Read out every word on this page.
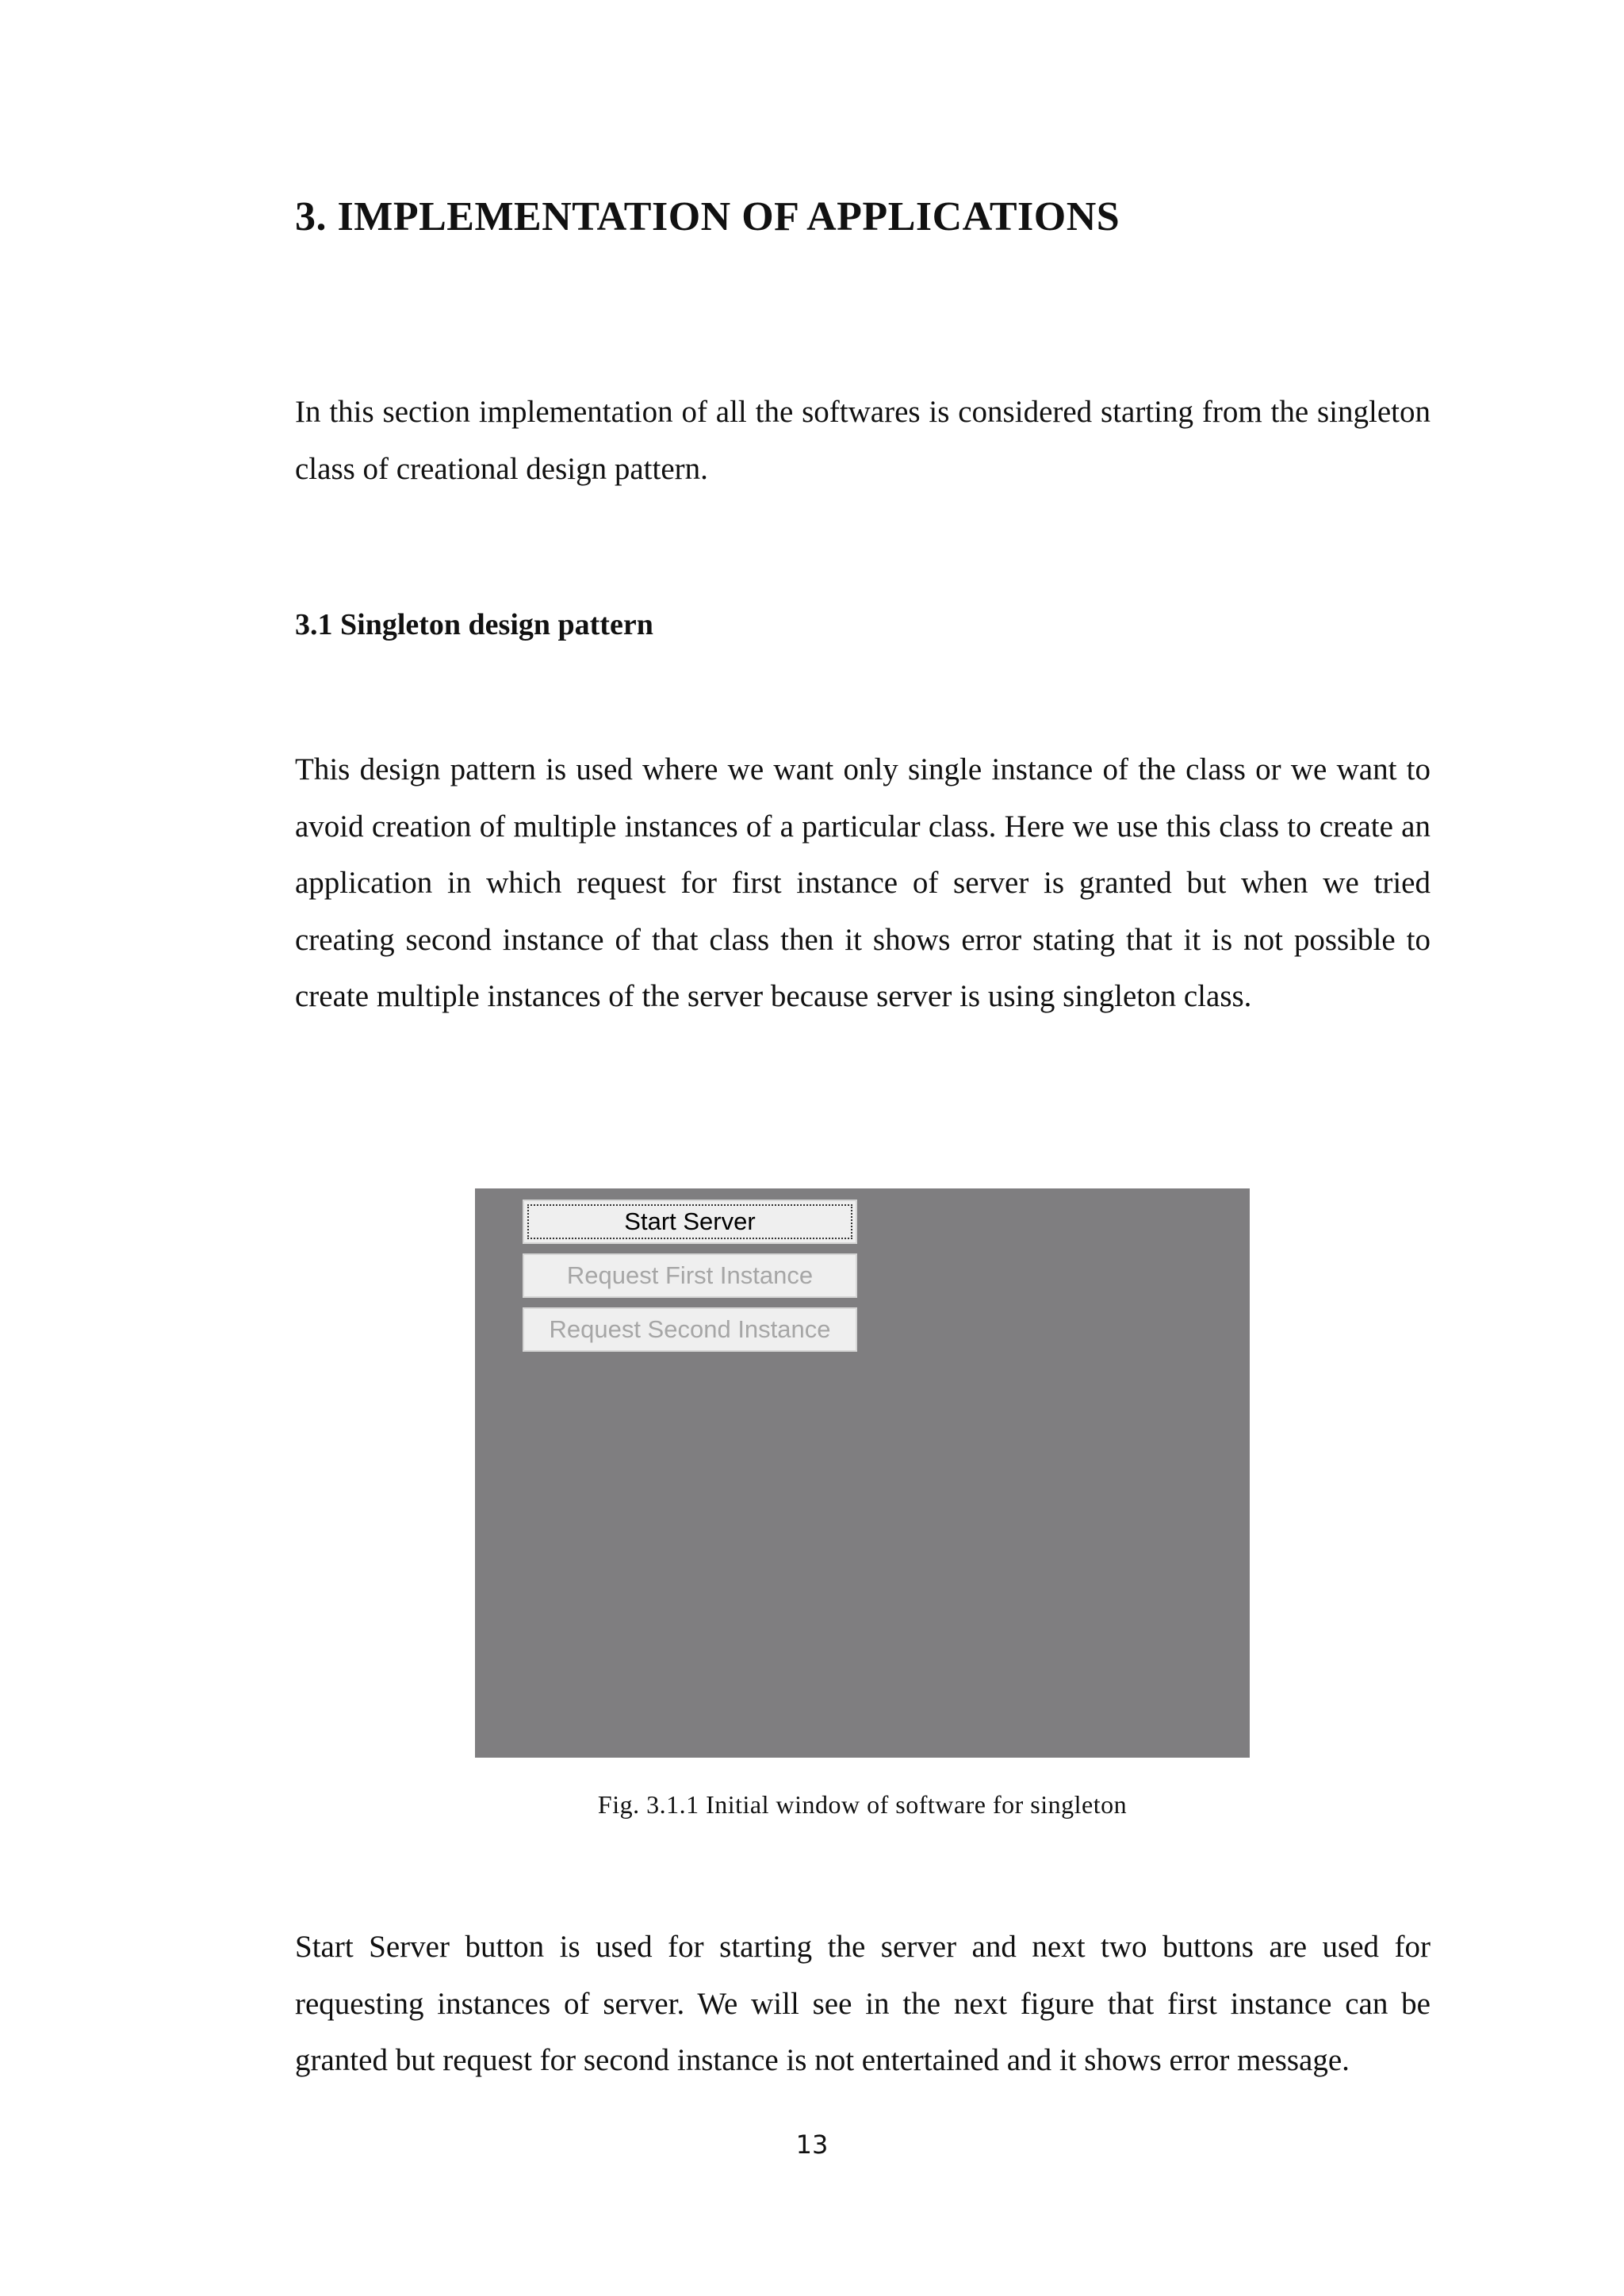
3. IMPLEMENTATION OF APPLICATIONS

In this section implementation of all the softwares is considered starting from the singleton class of creational design pattern.

3.1 Singleton design pattern

This design pattern is used where we want only single instance of the class or we want to avoid creation of multiple instances of a particular class. Here we use this class to create an application in which request for first instance of server is granted but when we tried creating second instance of that class then it shows error stating that it is not possible to create multiple instances of the server because server is using singleton class.

Start Server
Request First Instance
Request Second Instance

Fig. 3.1.1 Initial window of software for singleton

Start Server button is used for starting the server and next two buttons are used for requesting instances of server. We will see in the next figure that first instance can be granted but request for second instance is not entertained and it shows error message.

13
